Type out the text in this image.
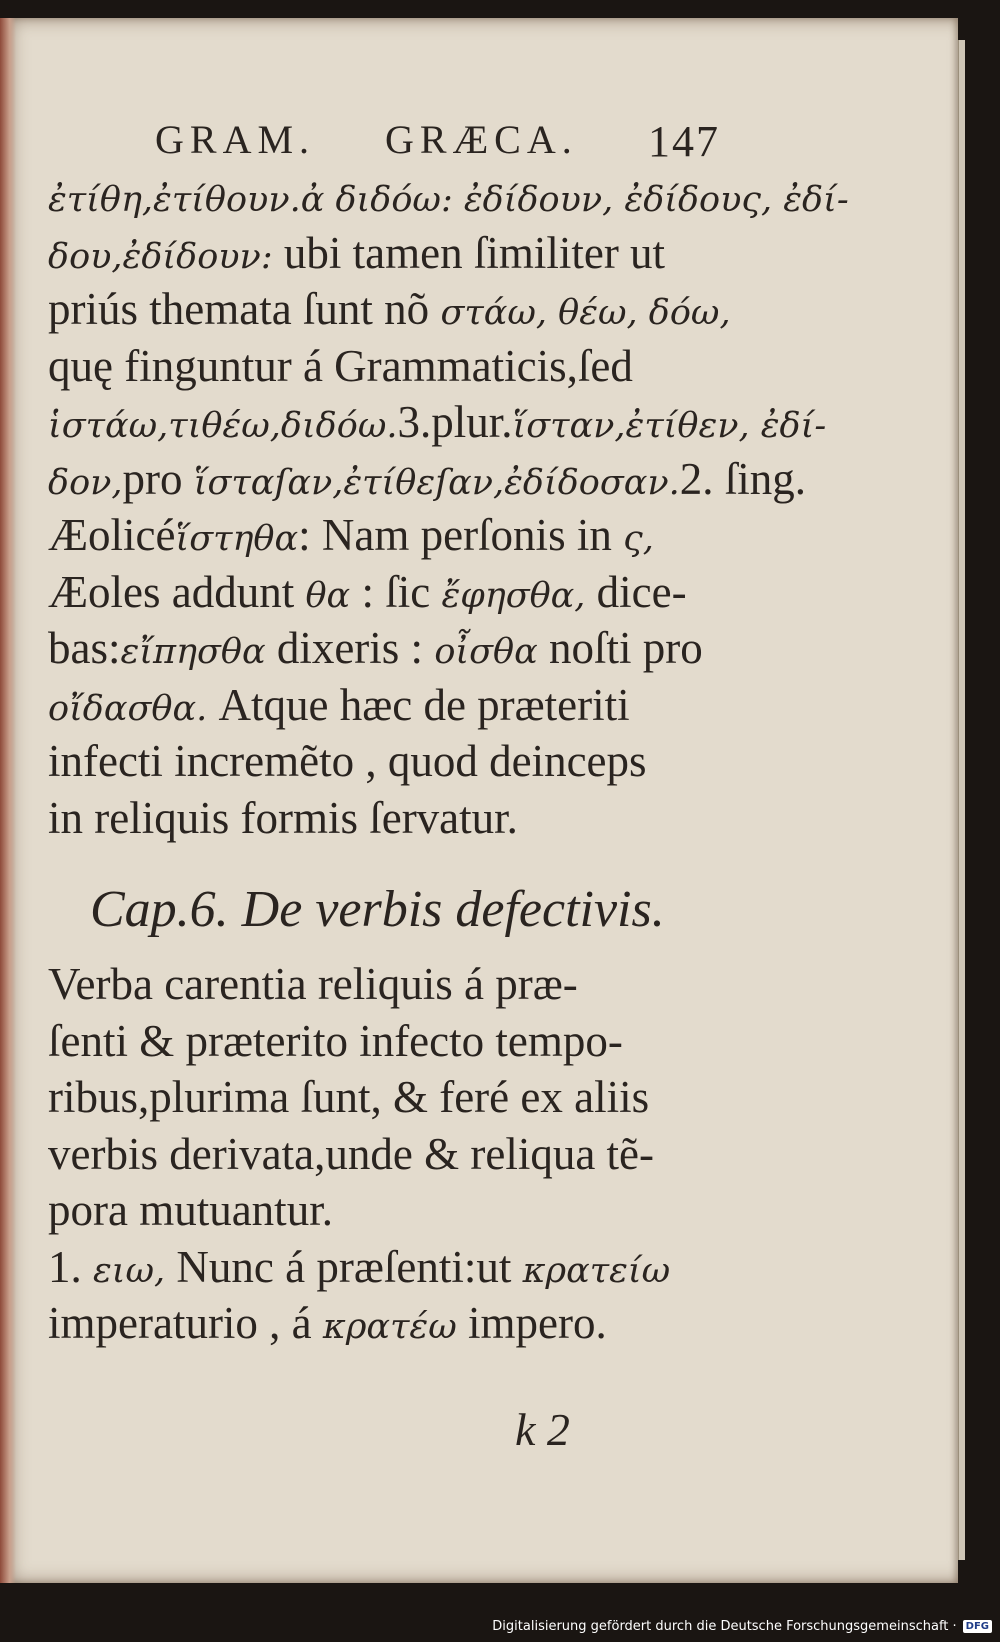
GRAM. GRÆCA. 147
ἐτίθη,ἐτίθουν.ἀ διδόω: ἐδίδουν, ἐδίδους, ἐδί-
δου,ἐδίδουν: ubi tamen ſimiliter ut
priús themata ſunt nõ στάω, θέω, δόω,
quę finguntur á Grammaticis,ſed
ἱστάω,τιθέω,διδόω.3.plur.ἵσταν,ἐτίθεν, ἐδί-
δον,pro ἵσταſαν,ἐτίθεſαν,ἐδίδοσαν.2. ſing.
Æolicéἵστηθα: Nam perſonis in ς,
Æoles addunt θα : ſic ἔφησθα, dice-
bas:εἴπησθα dixeris : οἶσθα noſti pro
οἴδασθα. Atque hæc de præteriti
infecti incremẽto , quod deinceps
in reliquis formis ſervatur.
Cap.6. De verbis defectivis.
Verba carentia reliquis á præ-
ſenti & præterito infecto tempo-
ribus,plurima ſunt, & feré ex aliis
verbis derivata,unde & reliqua tẽ-
pora mutuantur.
1. ειω, Nunc á præſenti:ut κρατείω
imperaturio , á κρατέω impero.
k 2
Digitalisierung gefördert durch die Deutsche Forschungsgemeinschaft · DFG
